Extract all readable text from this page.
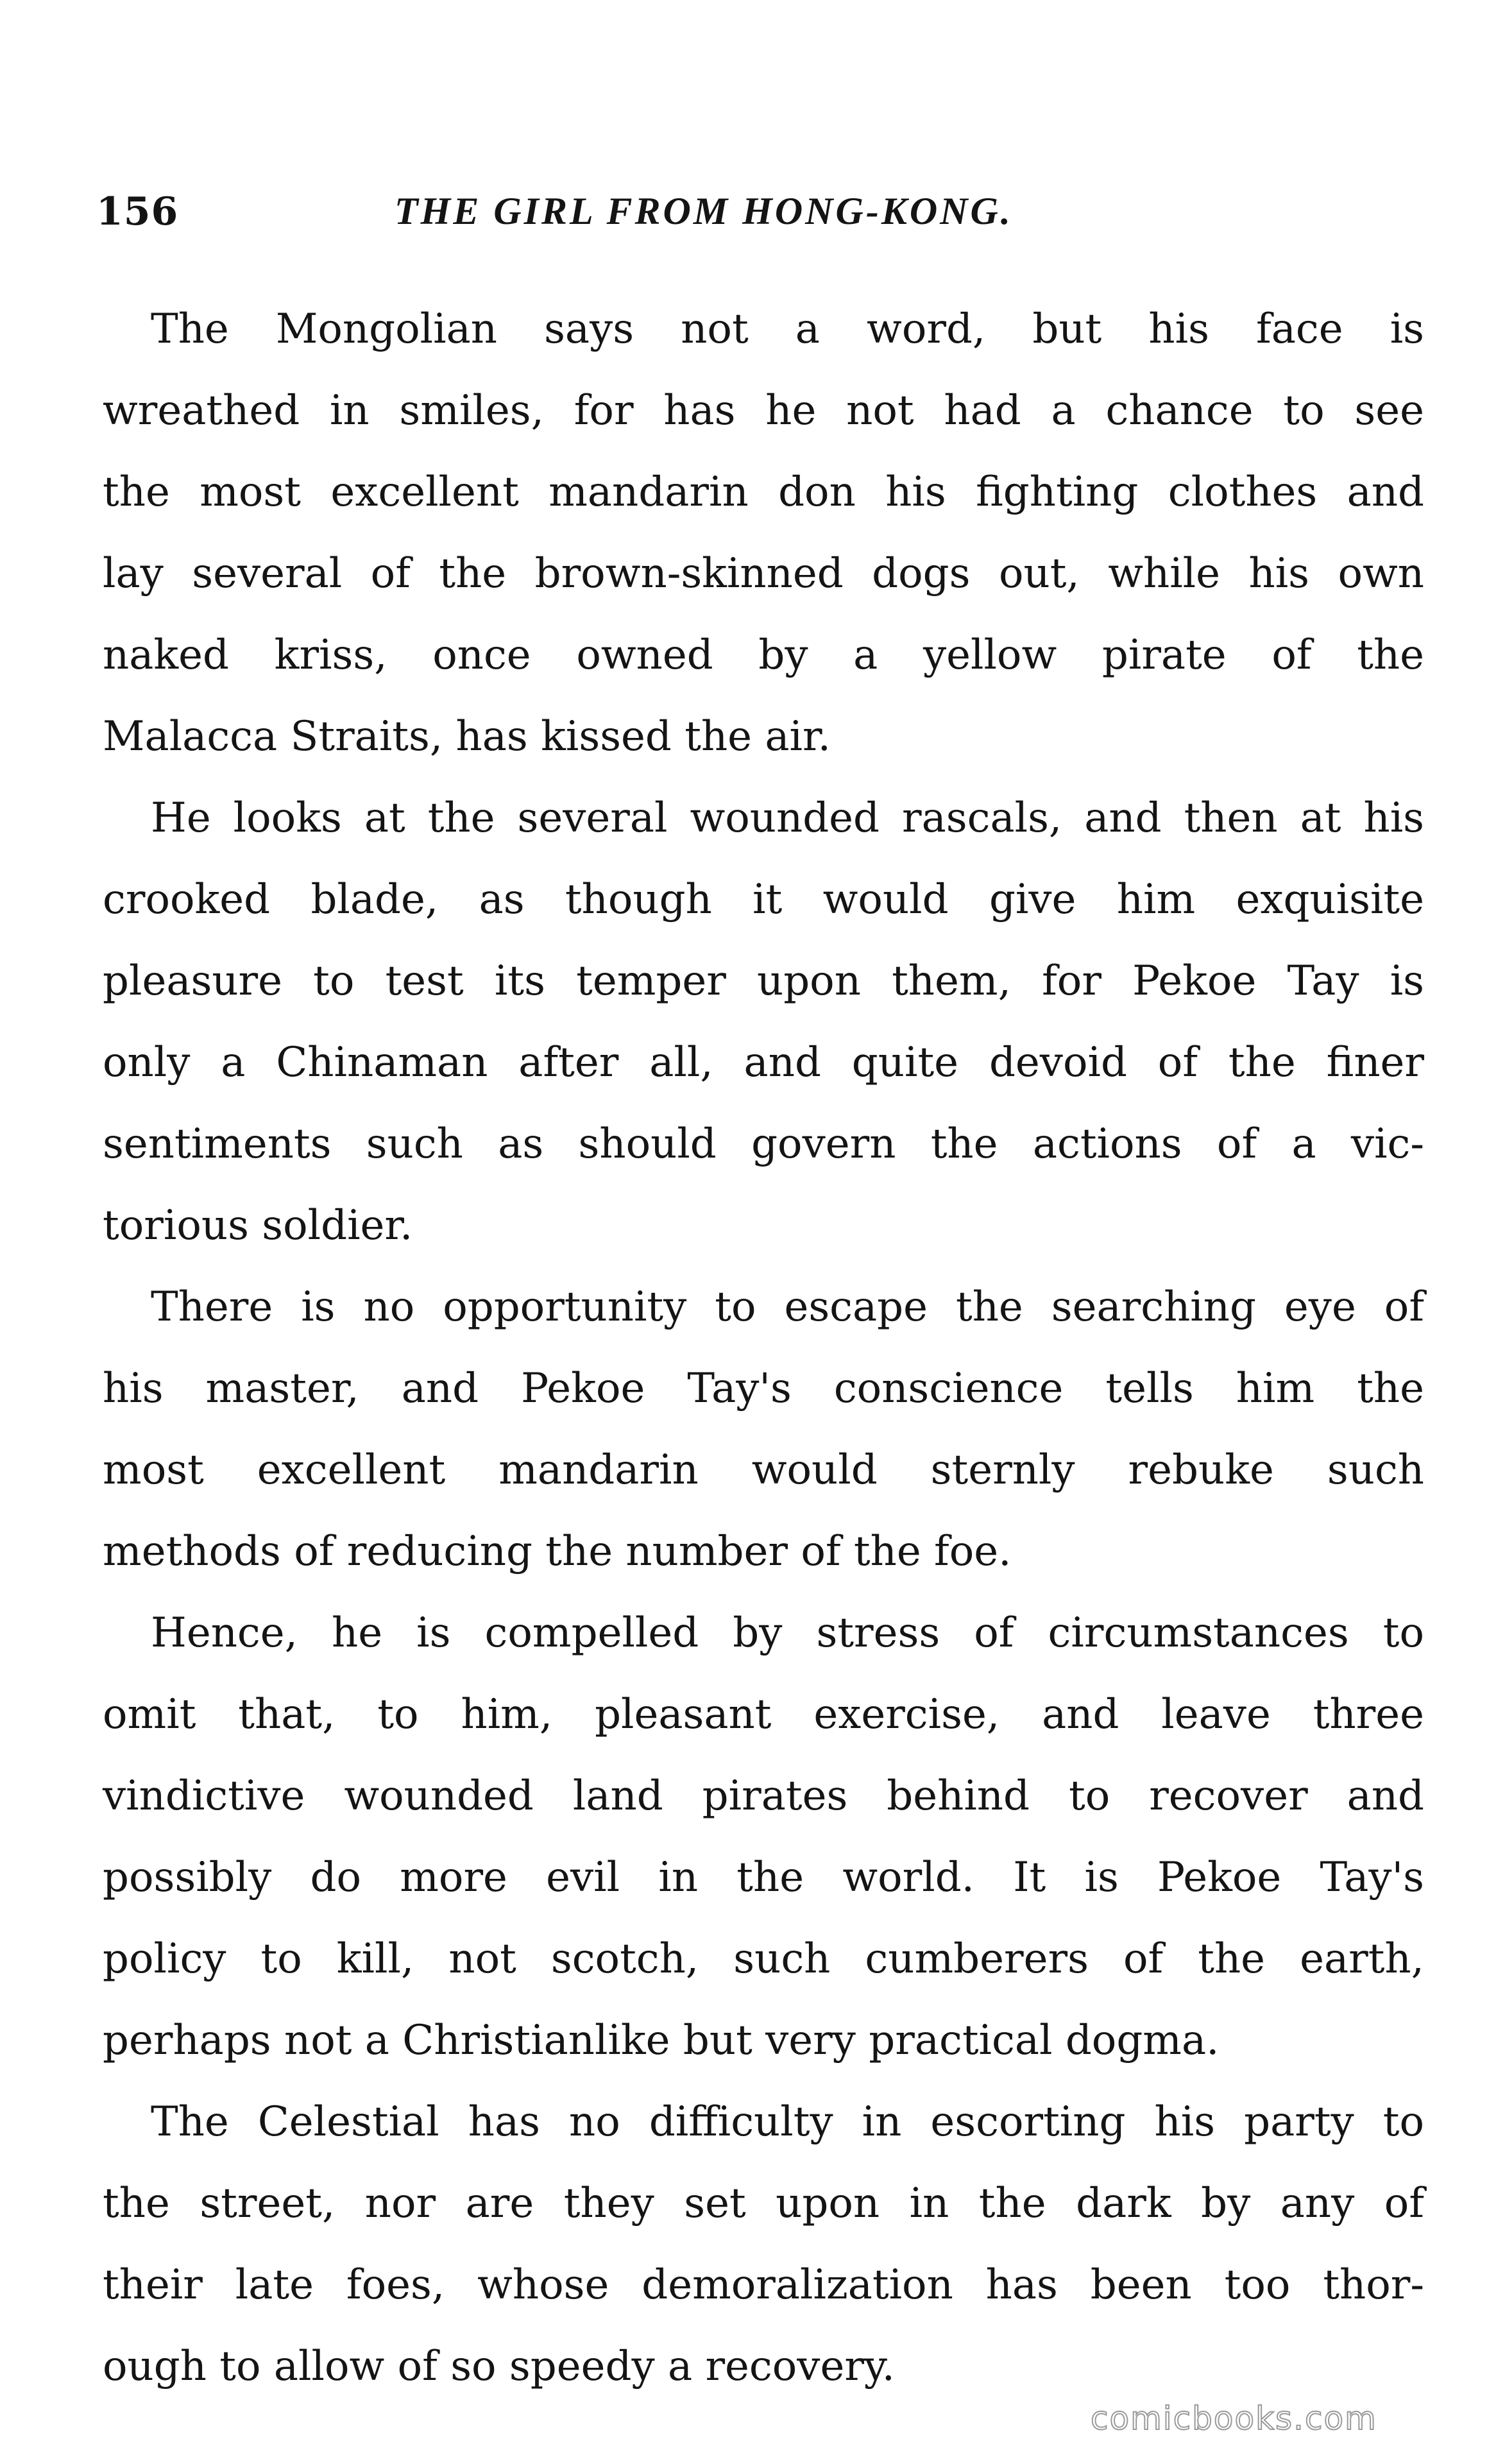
156	THE GIRL FROM HONG-KONG.
The Mongolian says not a word, but his face is
wreathed in smiles, for has he not had a chance to see
the most excellent mandarin don his fighting clothes and
lay several of the brown-skinned dogs out, while his own
naked kriss, once owned by a yellow pirate of the
Malacca Straits, has kissed the air.
He looks at the several wounded rascals, and then at his
crooked blade, as though it would give him exquisite
pleasure to test its temper upon them, for Pekoe Tay is
only a Chinaman after all, and quite devoid of the finer
sentiments such as should govern the actions of a vic-
torious soldier.
There is no opportunity to escape the searching eye of
his master, and Pekoe Tay's conscience tells him the
most excellent mandarin would sternly rebuke such
methods of reducing the number of the foe.
Hence, he is compelled by stress of circumstances to
omit that, to him, pleasant exercise, and leave three
vindictive wounded land pirates behind to recover and
possibly do more evil in the world. It is Pekoe Tay's
policy to kill, not scotch, such cumberers of the earth,
perhaps not a Christianlike but very practical dogma.
The Celestial has no difficulty in escorting his party to
the street, nor are they set upon in the dark by any of
their late foes, whose demoralization has been too thor-
ough to allow of so speedy a recovery.
comicbooks.com
